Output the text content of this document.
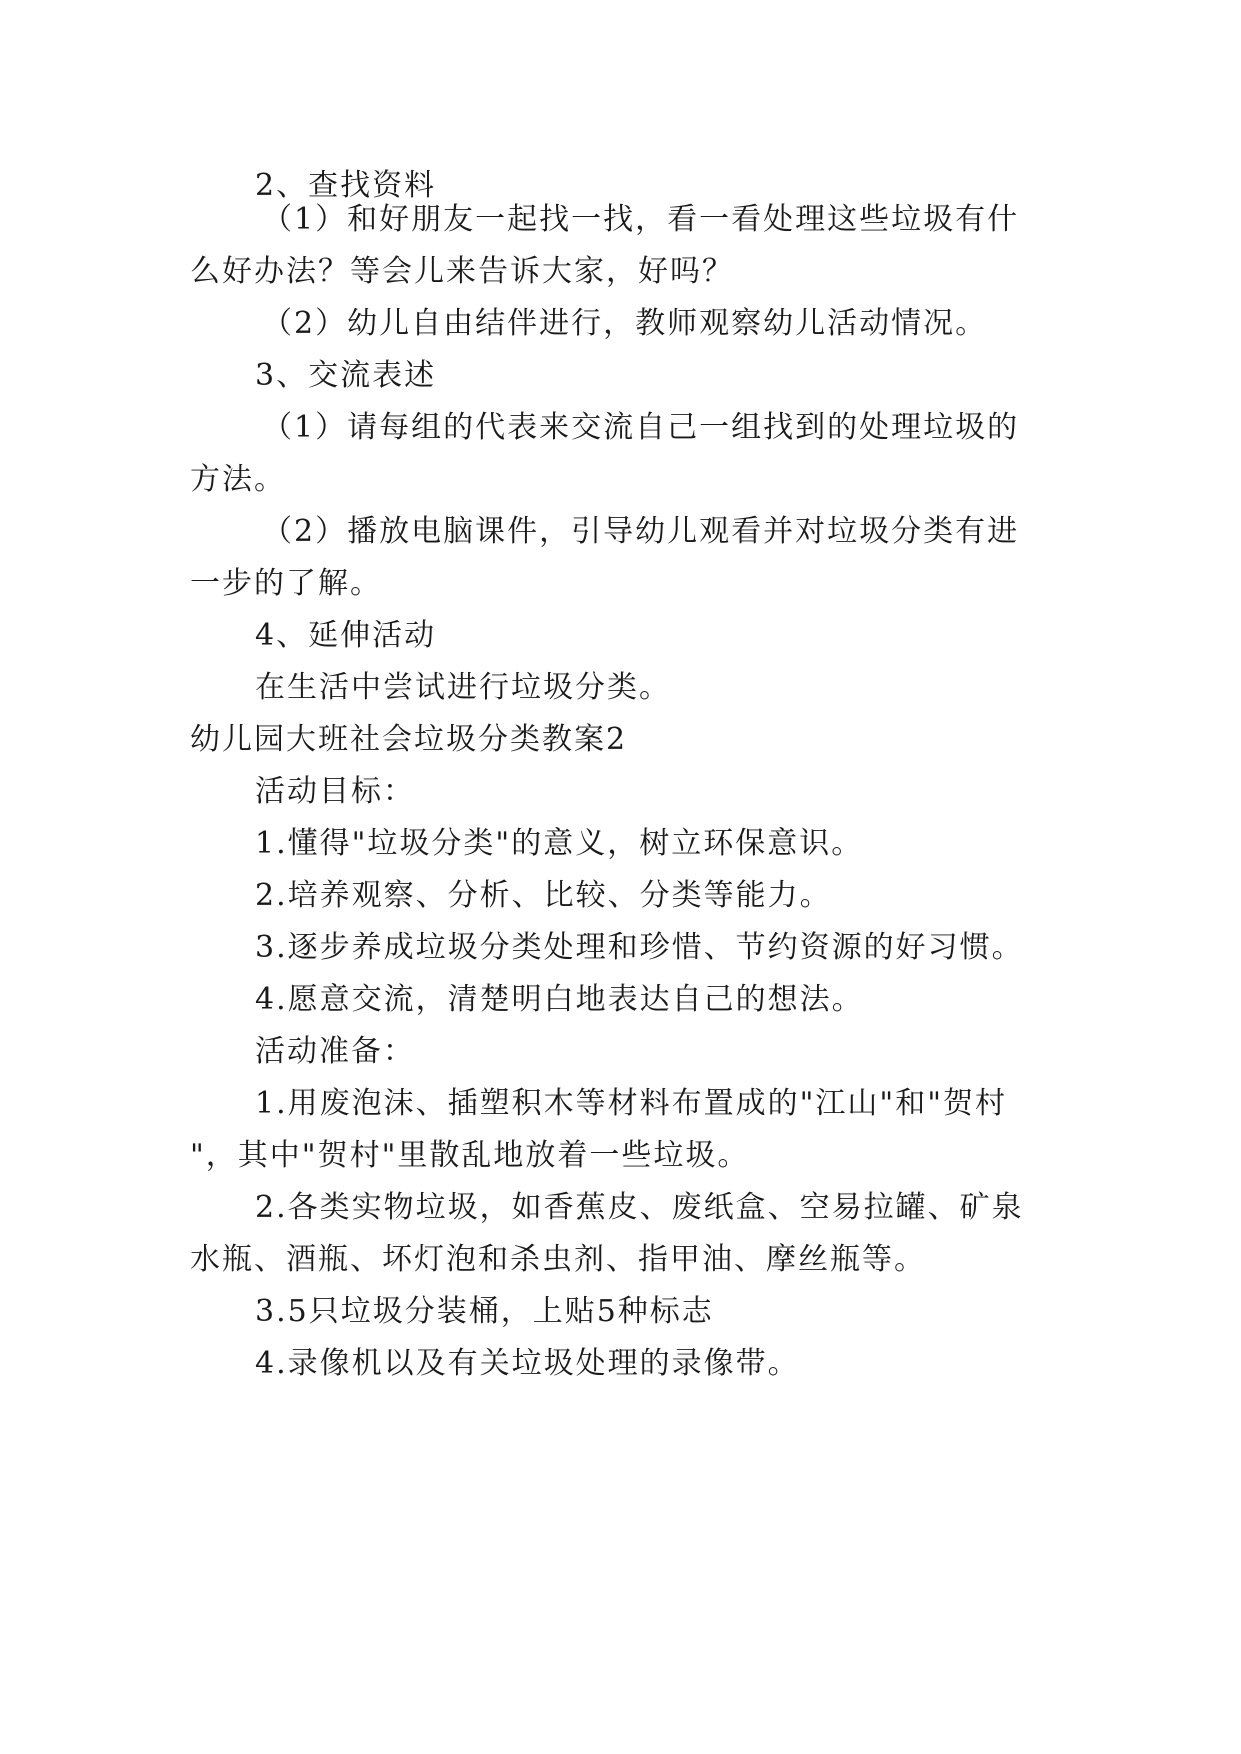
2、查找资料
（1）和好朋友一起找一找，看一看处理这些垃圾有什
么好办法？等会儿来告诉大家，好吗？
（2）幼儿自由结伴进行，教师观察幼儿活动情况。
3、交流表述
（1）请每组的代表来交流自己一组找到的处理垃圾的
方法。
（2）播放电脑课件，引导幼儿观看并对垃圾分类有进
一步的了解。
4、延伸活动
在生活中尝试进行垃圾分类。
幼儿园大班社会垃圾分类教案2
活动目标：
1.懂得"垃圾分类"的意义，树立环保意识。
2.培养观察、分析、比较、分类等能力。
3.逐步养成垃圾分类处理和珍惜、节约资源的好习惯。
4.愿意交流，清楚明白地表达自己的想法。
活动准备：
1.用废泡沫、插塑积木等材料布置成的"江山"和"贺村
"，其中"贺村"里散乱地放着一些垃圾。
2.各类实物垃圾，如香蕉皮、废纸盒、空易拉罐、矿泉
水瓶、酒瓶、坏灯泡和杀虫剂、指甲油、摩丝瓶等。
3.5只垃圾分装桶，上贴5种标志
4.录像机以及有关垃圾处理的录像带。
